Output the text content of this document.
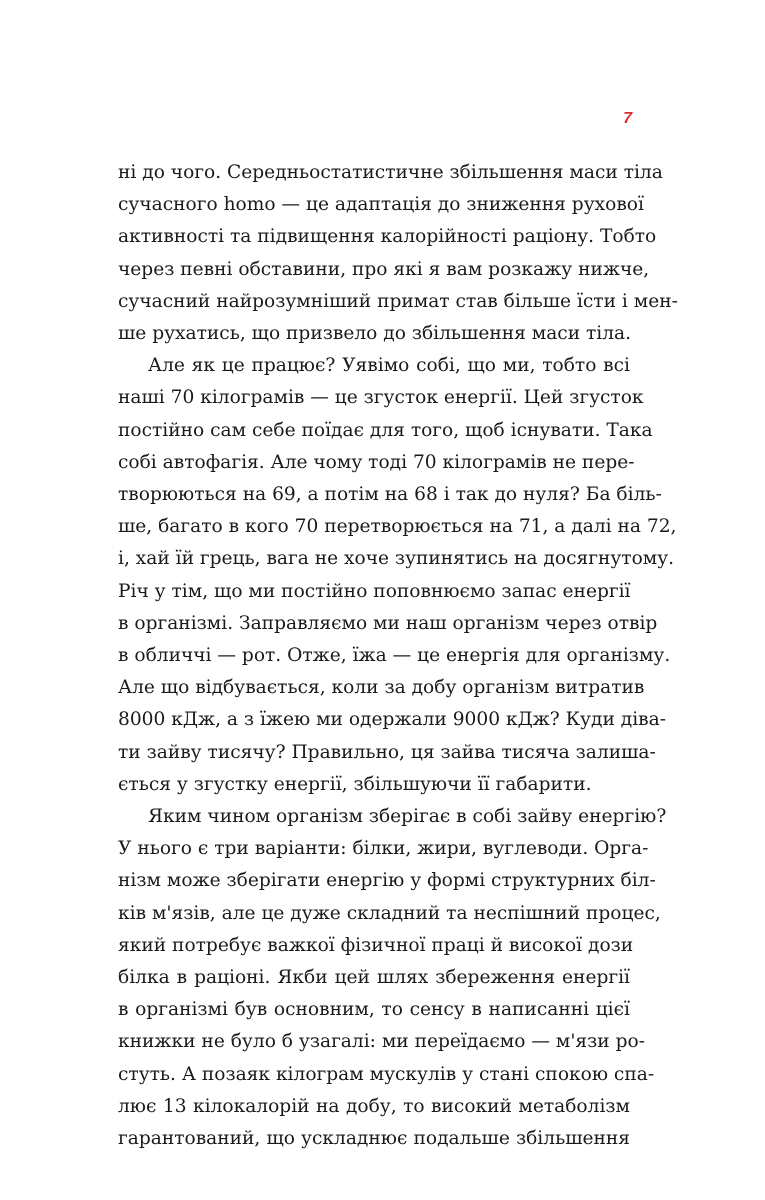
7

ні до чого. Середньостатистичне збільшення маси тіла
сучасного homo — це адаптація до зниження рухової
активності та підвищення калорійності раціону. Тобто
через певні обставини, про які я вам розкажу нижче,
сучасний найрозумніший примат став більше їсти і мен-
ше рухатись, що призвело до збільшення маси тіла.

Але як це працює? Уявімо собі, що ми, тобто всі
наші 70 кілограмів — це згусток енергії. Цей згусток
постійно сам себе поїдає для того, щоб існувати. Така
собі автофагія. Але чому тоді 70 кілограмів не пере-
творюються на 69, а потім на 68 і так до нуля? Ба біль-
ше, багато в кого 70 перетворюється на 71, а далі на 72,
і, хай їй грець, вага не хоче зупинятись на досягнутому.
Річ у тім, що ми постійно поповнюємо запас енергії
в організмі. Заправляємо ми наш організм через отвір
в обличчі — рот. Отже, їжа — це енергія для організму.
Але що відбувається, коли за добу організм витратив
8000 кДж, а з їжею ми одержали 9000 кДж? Куди діва-
ти зайву тисячу? Правильно, ця зайва тисяча залиша-
ється у згустку енергії, збільшуючи її габарити.

Яким чином організм зберігає в собі зайву енергію?
У нього є три варіанти: білки, жири, вуглеводи. Орга-
нізм може зберігати енергію у формі структурних біл-
ків м'язів, але це дуже складний та неспішний процес,
який потребує важкої фізичної праці й високої дози
білка в раціоні. Якби цей шлях збереження енергії
в організмі був основним, то сенсу в написанні цієї
книжки не було б узагалі: ми переїдаємо — м'язи ро-
стуть. А позаяк кілограм мускулів у стані спокою спа-
лює 13 кілокалорій на добу, то високий метаболізм
гарантований, що ускладнює подальше збільшення
